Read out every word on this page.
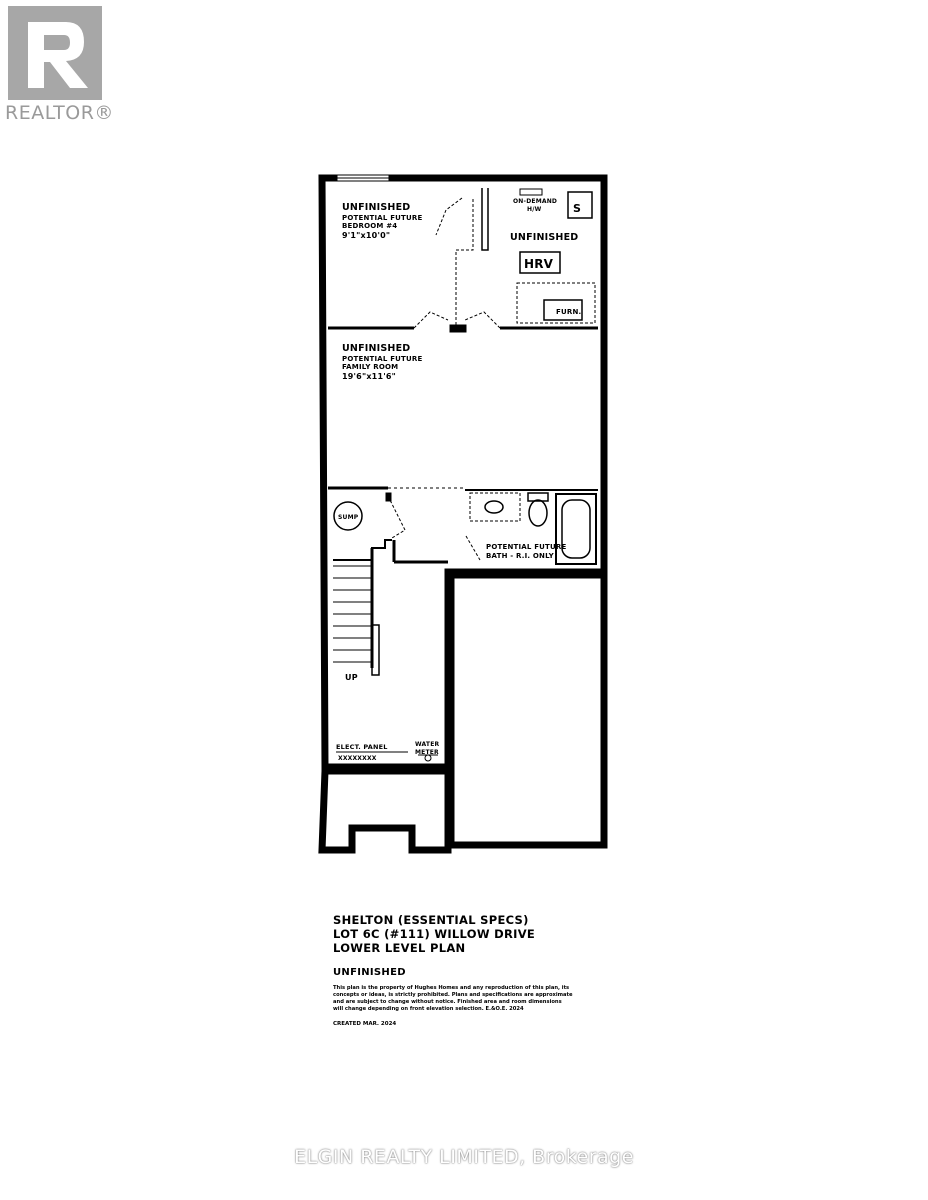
REALTOR®
UNFINISHED
POTENTIAL FUTURE
BEDROOM #4
9'1"x10'0"
ON-DEMAND
H/W	S
UNFINISHED
HRV
FURN.
UNFINISHED
POTENTIAL FUTURE
FAMILY ROOM
19'6"x11'6"
SUMP
POTENTIAL FUTURE
BATH - R.I. ONLY
UP
ELECT. PANEL
XXXXXXXX
WATER
METER
SHELTON (ESSENTIAL SPECS)
LOT 6C (#111) WILLOW DRIVE
LOWER LEVEL PLAN
UNFINISHED
This plan is the property of Hughes Homes and any reproduction of this plan, its concepts or ideas, is strictly prohibited. Plans and specifications are approximate and are subject to change without notice. Finished area and room dimensions will change depending on front elevation selection. E.&O.E. 2024
CREATED MAR. 2024
ELGIN REALTY LIMITED, Brokerage
